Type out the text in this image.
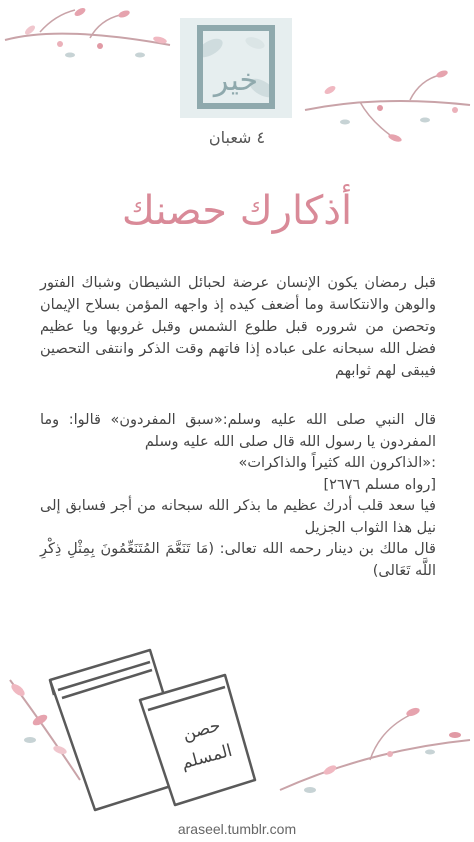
خير
٤ شعبان
أذكارك حصنك
قبل رمضان يكون الإنسان عرضة لحبائل الشيطان وشباك الفتور والوهن والانتكاسة وما أضعف كيده إذ واجهه المؤمن بسلاح الإيمان وتحصن من شروره قبل طلوع الشمس وقبل غروبها ويا عظيم فضل الله سبحانه على عباده إذا فاتهم وقت الذكر وانتفى التحصين فيبقى لهم ثوابهم
قال النبي صلى الله عليه وسلم:«سبق المفردون» قالوا: وما المفردون يا رسول الله قال صلى الله عليه وسلم
:«الذاكرون الله كثيراً والذاكرات»
[رواه مسلم ٢٦٧٦]
فيا سعد قلب أدرك عظيم ما بذكر الله سبحانه من أجر فسابق إلى نيل هذا الثواب الجزيل
قال مالك بن دينار رحمه الله تعالى: (مَا تَنَعَّمَ المُتَنَعِّمُونَ بِمِثْلِ ذِكْرِ اللَّه تَعَالى)
حصن
المسلم
araseel.tumblr.com
